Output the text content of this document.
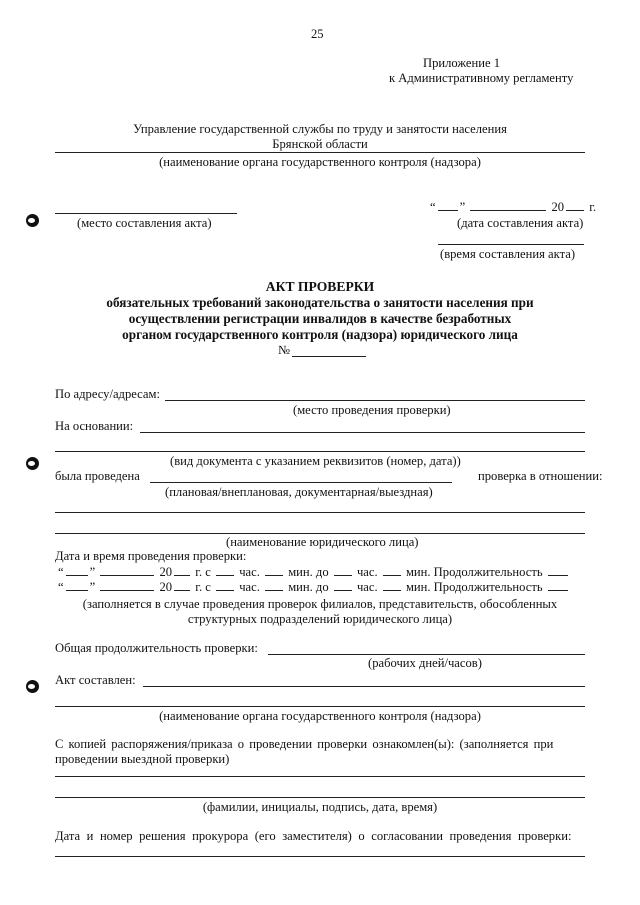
25
Приложение 1
к Административному регламенту
Управление государственной службы по труду и занятости населения
Брянской области
(наименование органа государственного контроля (надзора)
(место составления акта)
“ ”	20 г.
(дата составления акта)
(время составления акта)
АКТ ПРОВЕРКИ
обязательных требований законодательства о занятости населения при
осуществлении регистрации инвалидов в качестве безработных
органом государственного контроля (надзора) юридического лица
№
По адресу/адресам:
(место проведения проверки)
На основании:
(вид документа с указанием реквизитов (номер, дата))
была проведена	проверка в отношении:
(плановая/внеплановая, документарная/выездная)
(наименование юридического лица)
Дата и время проведения проверки:
“ ”	20 г. с час. мин. до час. мин. Продолжительность
“ ”	20 г. с час. мин. до час. мин. Продолжительность
(заполняется в случае проведения проверок филиалов, представительств, обособленных
структурных подразделений юридического лица)
Общая продолжительность проверки:
(рабочих дней/часов)
Акт составлен:
(наименование органа государственного контроля (надзора)
С копией распоряжения/приказа о проведении проверки ознакомлен(ы): (заполняется при
проведении выездной проверки)
(фамилии, инициалы, подпись, дата, время)
Дата и номер решения прокурора (его заместителя) о согласовании проведения проверки:
